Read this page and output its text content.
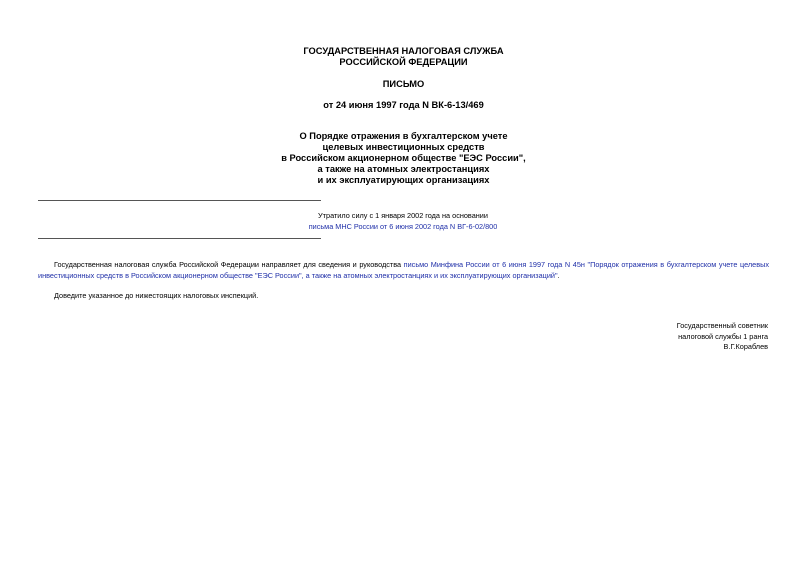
ГОСУДАРСТВЕННАЯ НАЛОГОВАЯ СЛУЖБА
РОССИЙСКОЙ ФЕДЕРАЦИИ
ПИСЬМО
от 24 июня 1997 года N ВК-6-13/469
О Порядке отражения в бухгалтерском учете
целевых инвестиционных средств
в Российском акционерном обществе "ЕЭС России",
а также на атомных электростанциях
и их эксплуатирующих организациях
Утратило силу с 1 января 2002 года на основании
письма МНС России от 6 июня 2002 года N ВГ-6-02/800
Государственная налоговая служба Российской Федерации направляет для сведения и руководства письмо Минфина России от 6 июня 1997 года N 45н "Порядок отражения в бухгалтерском учете целевых инвестиционных средств в Российском акционерном обществе "ЕЭС России", а также на атомных электростанциях и их эксплуатирующих организаций".
Доведите указанное до нижестоящих налоговых инспекций.
Государственный советник
налоговой службы 1 ранга
В.Г.Кораблев
